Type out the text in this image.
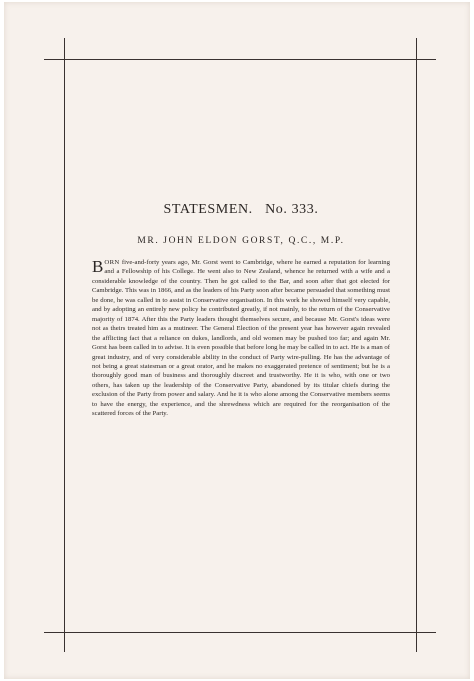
STATESMEN.   No. 333.
MR. JOHN ELDON GORST, Q.C., M.P.

BORN five-and-forty years ago, Mr. Gorst went to Cambridge, where he earned a reputation for learning and a Fellowship of his College. He went also to New Zealand, whence he returned with a wife and a considerable knowledge of the country. Then he got called to the Bar, and soon after that got elected for Cambridge. This was in 1866, and as the leaders of his Party soon after became persuaded that something must be done, he was called in to assist in Conservative organisation. In this work he showed himself very capable, and by adopting an entirely new policy he contributed greatly, if not mainly, to the return of the Conservative majority of 1874. After this the Party leaders thought themselves secure, and because Mr. Gorst's ideas were not as theirs treated him as a mutineer. The General Election of the present year has however again revealed the afflicting fact that a reliance on dukes, landlords, and old women may be pushed too far; and again Mr. Gorst has been called in to advise. It is even possible that before long he may be called in to act. He is a man of great industry, and of very considerable ability in the conduct of Party wire-pulling. He has the advantage of not being a great statesman or a great orator, and he makes no exaggerated pretence of sentiment; but he is a thoroughly good man of business and thoroughly discreet and trustworthy. He it is who, with one or two others, has taken up the leadership of the Conservative Party, abandoned by its titular chiefs during the exclusion of the Party from power and salary. And he it is who alone among the Conservative members seems to have the energy, the experience, and the shrewdness which are required for the reorganisation of the scattered forces of the Party.
